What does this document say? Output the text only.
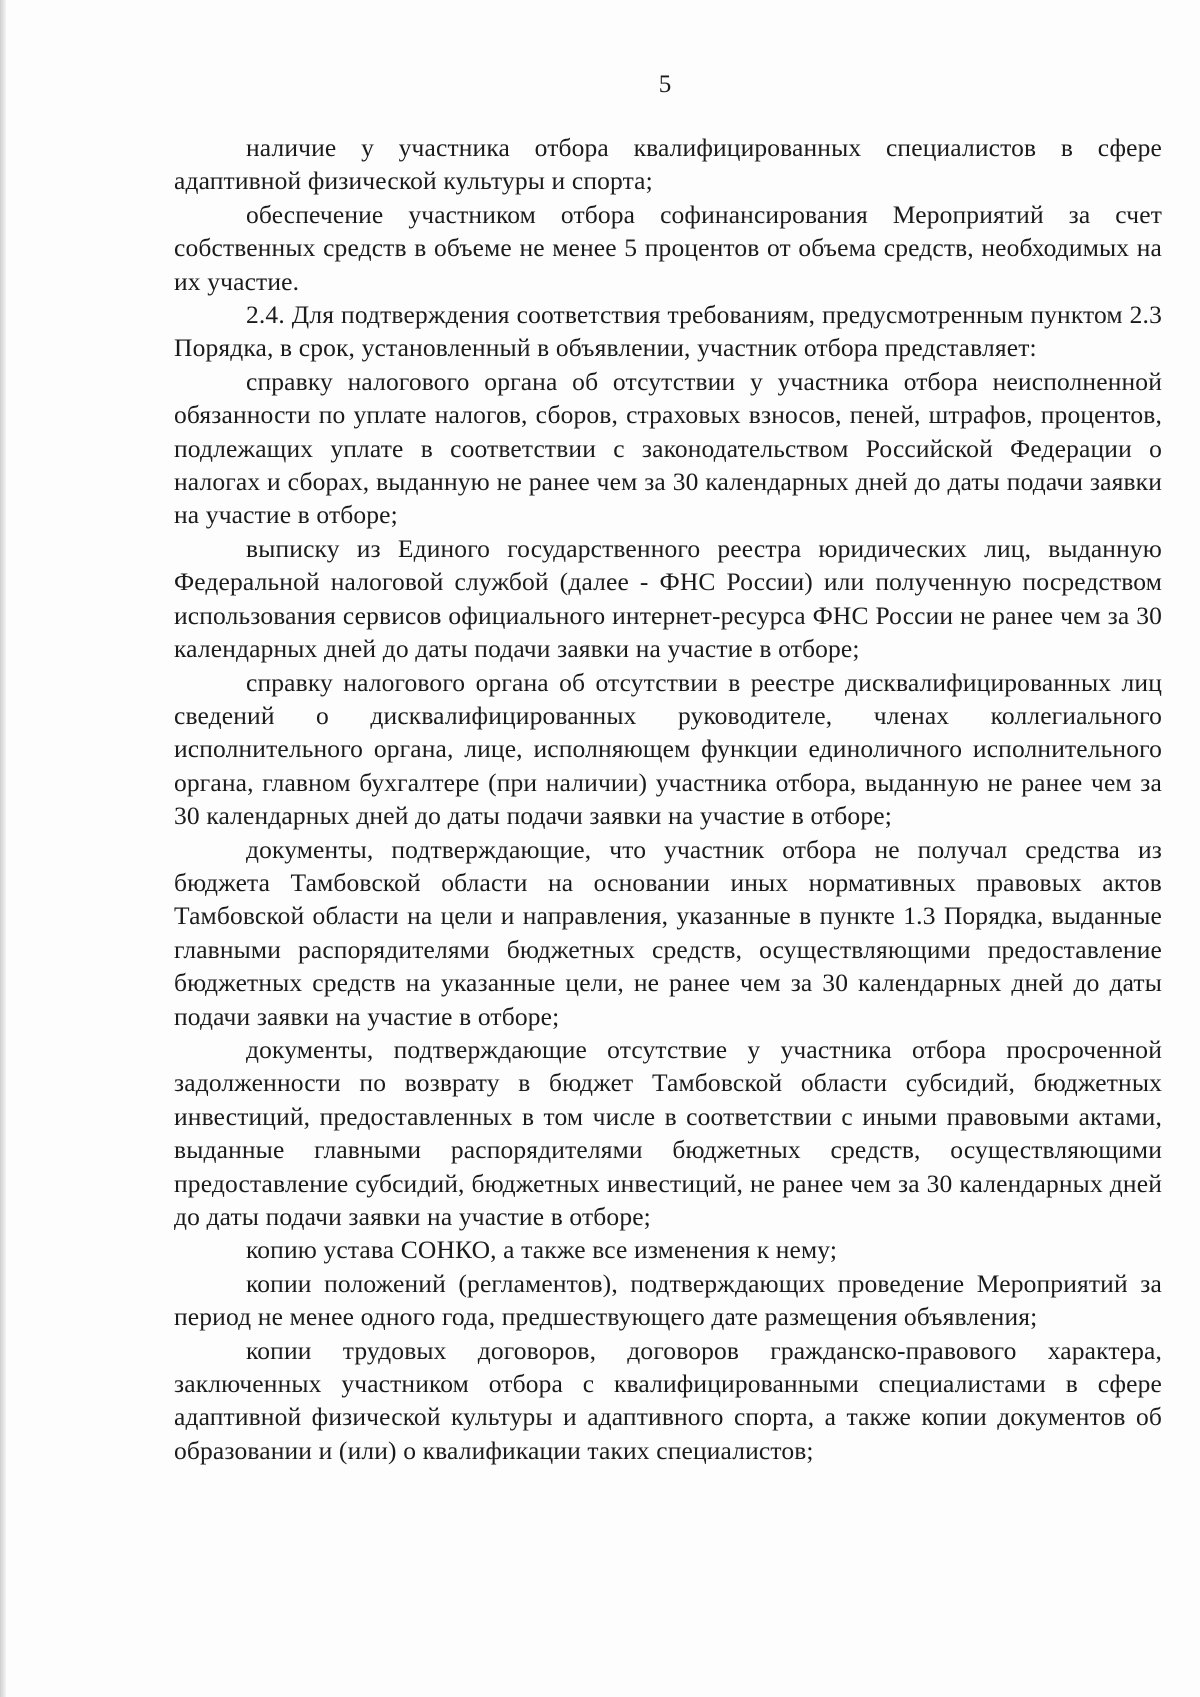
5

наличие у участника отбора квалифицированных специалистов в сфере адаптивной физической культуры и спорта;

обеспечение участником отбора софинансирования Мероприятий за счет собственных средств в объеме не менее 5 процентов от объема средств, необходимых на их участие.

2.4. Для подтверждения соответствия требованиям, предусмотренным пунктом 2.3 Порядка, в срок, установленный в объявлении, участник отбора представляет:

справку налогового органа об отсутствии у участника отбора неисполненной обязанности по уплате налогов, сборов, страховых взносов, пеней, штрафов, процентов, подлежащих уплате в соответствии с законодательством Российской Федерации о налогах и сборах, выданную не ранее чем за 30 календарных дней до даты подачи заявки на участие в отборе;

выписку из Единого государственного реестра юридических лиц, выданную Федеральной налоговой службой (далее - ФНС России) или полученную посредством использования сервисов официального интернет-ресурса ФНС России не ранее чем за 30 календарных дней до даты подачи заявки на участие в отборе;

справку налогового органа об отсутствии в реестре дисквалифицированных лиц сведений о дисквалифицированных руководителе, членах коллегиального исполнительного органа, лице, исполняющем функции единоличного исполнительного органа, главном бухгалтере (при наличии) участника отбора, выданную не ранее чем за 30 календарных дней до даты подачи заявки на участие в отборе;

документы, подтверждающие, что участник отбора не получал средства из бюджета Тамбовской области на основании иных нормативных правовых актов Тамбовской области на цели и направления, указанные в пункте 1.3 Порядка, выданные главными распорядителями бюджетных средств, осуществляющими предоставление бюджетных средств на указанные цели, не ранее чем за 30 календарных дней до даты подачи заявки на участие в отборе;

документы, подтверждающие отсутствие у участника отбора просроченной задолженности по возврату в бюджет Тамбовской области субсидий, бюджетных инвестиций, предоставленных в том числе в соответствии с иными правовыми актами, выданные главными распорядителями бюджетных средств, осуществляющими предоставление субсидий, бюджетных инвестиций, не ранее чем за 30 календарных дней до даты подачи заявки на участие в отборе;

копию устава СОНКО, а также все изменения к нему;

копии положений (регламентов), подтверждающих проведение Мероприятий за период не менее одного года, предшествующего дате размещения объявления;

копии трудовых договоров, договоров гражданско-правового характера, заключенных участником отбора с квалифицированными специалистами в сфере адаптивной физической культуры и адаптивного спорта, а также копии документов об образовании и (или) о квалификации таких специалистов;
